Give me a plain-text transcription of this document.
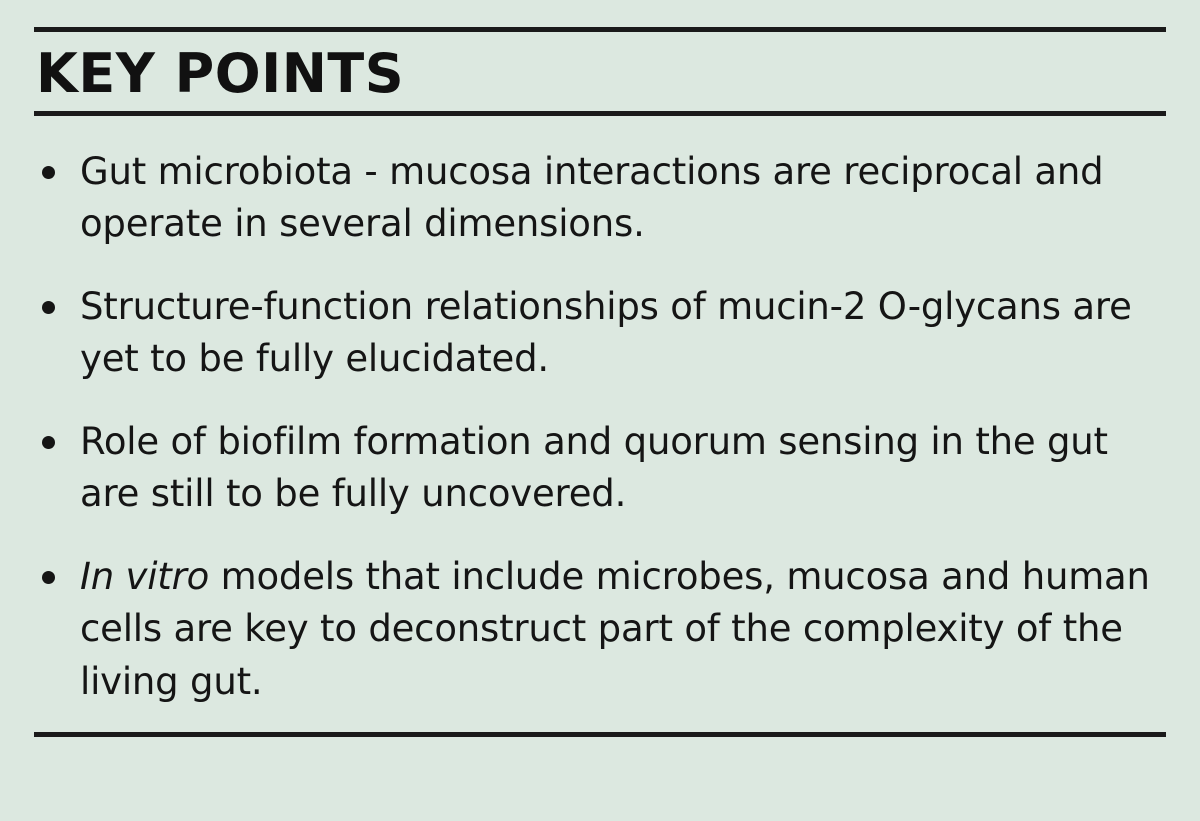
KEY POINTS
Gut microbiota - mucosa interactions are reciprocal and operate in several dimensions.
Structure-function relationships of mucin-2 O-glycans are yet to be fully elucidated.
Role of biofilm formation and quorum sensing in the gut are still to be fully uncovered.
In vitro models that include microbes, mucosa and human cells are key to deconstruct part of the complexity of the living gut.
